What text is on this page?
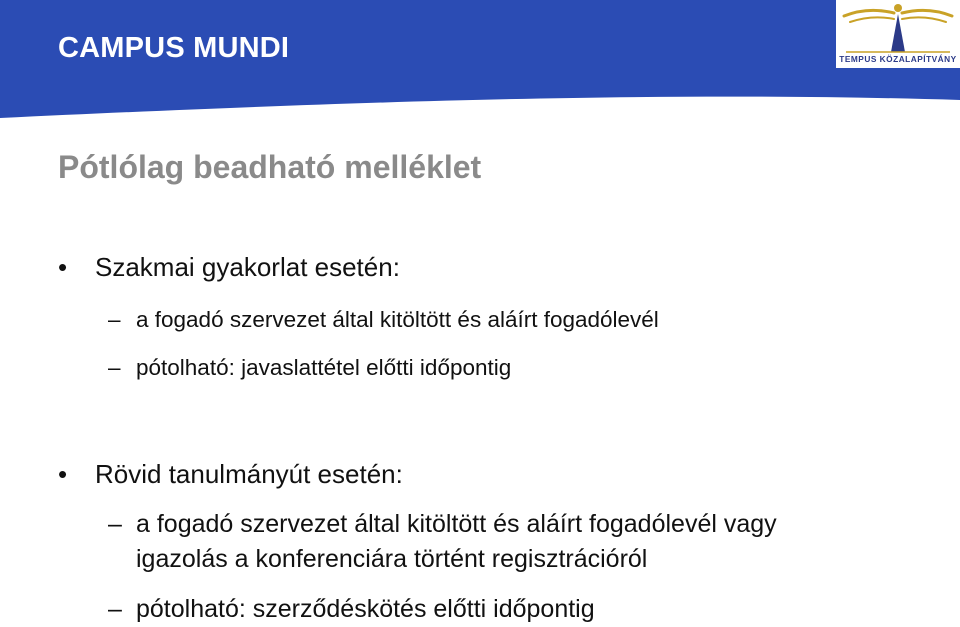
CAMPUS MUNDI	TEMPUS KÖZALAPÍTVÁNY
Pótlólag beadható melléklet
•	Szakmai gyakorlat esetén:
– a fogadó szervezet által kitöltött és aláírt fogadólevél
– pótolható: javaslattétel előtti időpontig
•	Rövid tanulmányút esetén:
– a fogadó szervezet által kitöltött és aláírt fogadólevél vagy
igazolás a konferenciára történt regisztrációról
– pótolható: szerződéskötés előtti időpontig
